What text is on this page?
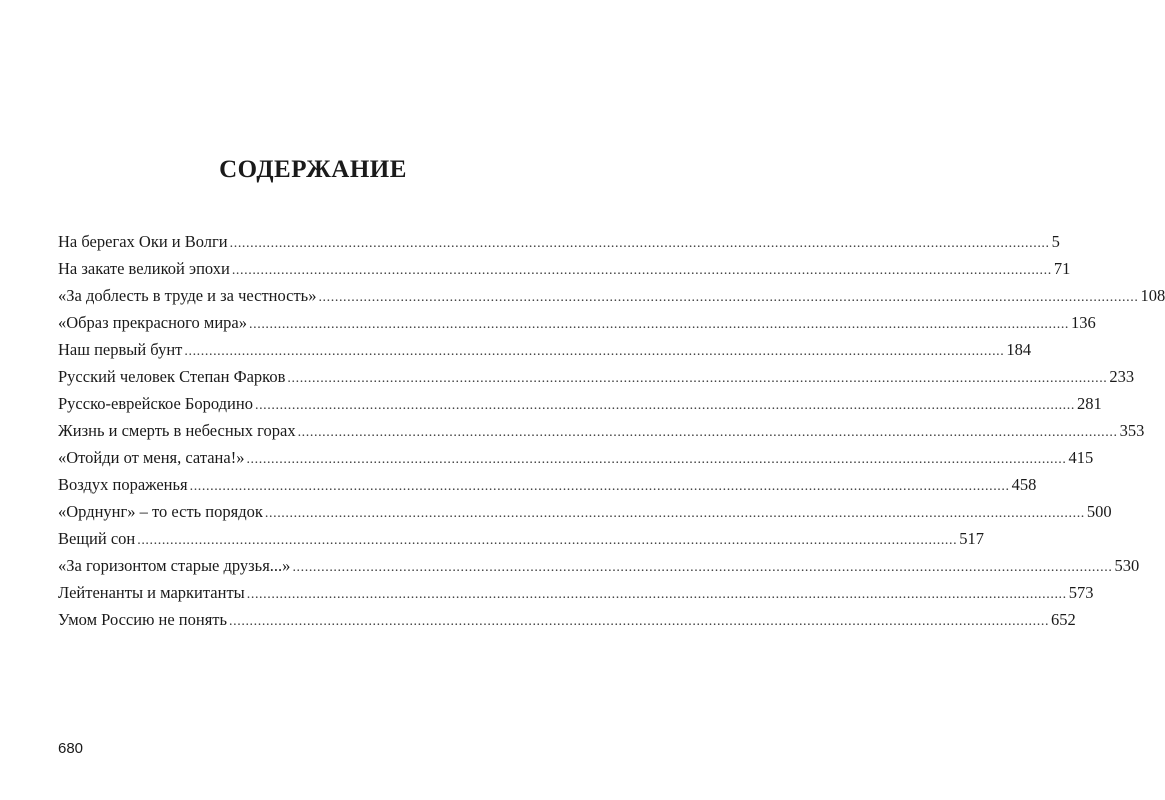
СОДЕРЖАНИЕ
На берегах Оки и Волги ........................................................................................................................................................................................................ 5
На закате великой эпохи ........................................................................................................................................................................................................ 71
«За доблесть в труде и за честность» ........................................................................................................................................................................................................ 108
«Образ прекрасного мира» ........................................................................................................................................................................................................ 136
Наш первый бунт ........................................................................................................................................................................................................ 184
Русский человек Степан Фарков ........................................................................................................................................................................................................ 233
Русско-еврейское Бородино ........................................................................................................................................................................................................ 281
Жизнь и смерть в небесных горах ........................................................................................................................................................................................................ 353
«Отойди от меня, сатана!» ........................................................................................................................................................................................................ 415
Воздух пораженья ........................................................................................................................................................................................................ 458
«Орднунг» – то есть порядок ........................................................................................................................................................................................................ 500
Вещий сон ........................................................................................................................................................................................................ 517
«За горизонтом старые друзья...» ........................................................................................................................................................................................................ 530
Лейтенанты и маркитанты ........................................................................................................................................................................................................ 573
Умом Россию не понять ........................................................................................................................................................................................................ 652
680
